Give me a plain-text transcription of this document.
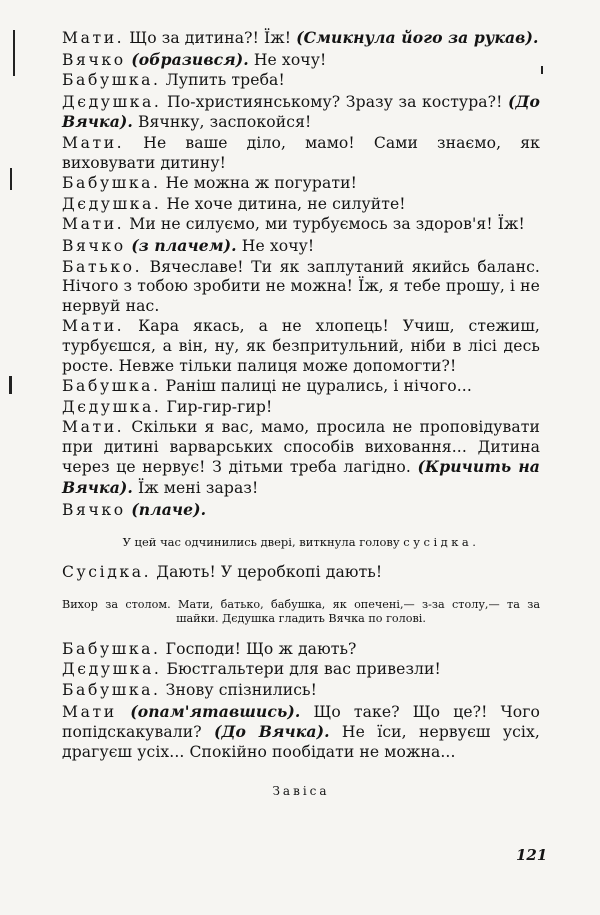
Мати. Що за дитина?! Їж! (Смикнула його за рукав).

Вячко (образився). Не хочу!

Бабушка. Лупить треба!

Дєдушка. По-християнському? Зразу за костура?! (До Вячка). Вячнку, заспокойся!

Мати. Не ваше діло, мамо! Сами знаємо, як виховувати дитину!

Бабушка. Не можна ж погурати!

Дєдушка. Не хоче дитина, не силуйте!

Мати. Ми не силуємо, ми турбуємось за здоров'я! Їж!

Вячко (з плачем). Не хочу!

Батько. Вячеславе! Ти як заплутаний якийсь баланс. Нічого з тобою зробити не можна! Їж, я тебе прошу, і не нервуй нас.

Мати. Кара якась, а не хлопець! Учиш, стежиш, турбуєшся, а він, ну, як безпритульний, ніби в лісі десь росте. Невже тільки палиця може допомогти?!

Бабушка. Раніш палиці не цурались, і нічого...

Дєдушка. Гир-гир-гир!

Мати. Скільки я вас, мамо, просила не проповідувати при дитині варварських способів виховання... Дитина через це нервує! З дітьми треба лагідно. (Кричить на Вячка). Їж мені зараз!

Вячко (плаче).

У цей час одчинились двері, виткнула голову сусідка.

Сусідка. Дають! У церобкопі дають!

Вихор за столом. Мати, батько, бабушка, як опечені,— з-за столу,— та за шайки. Дєдушка гладить Вячка по голові.

Бабушка. Господи! Що ж дають?

Дєдушка. Бюстгальтери для вас привезли!

Бабушка. Знову спізнились!

Мати (опам'ятавшись). Що таке? Що це?! Чого попідскакували? (До Вячка). Не їси, нервуєш усіх, драгуєш усіх... Спокійно пообідати не можна...

Завіса

121
